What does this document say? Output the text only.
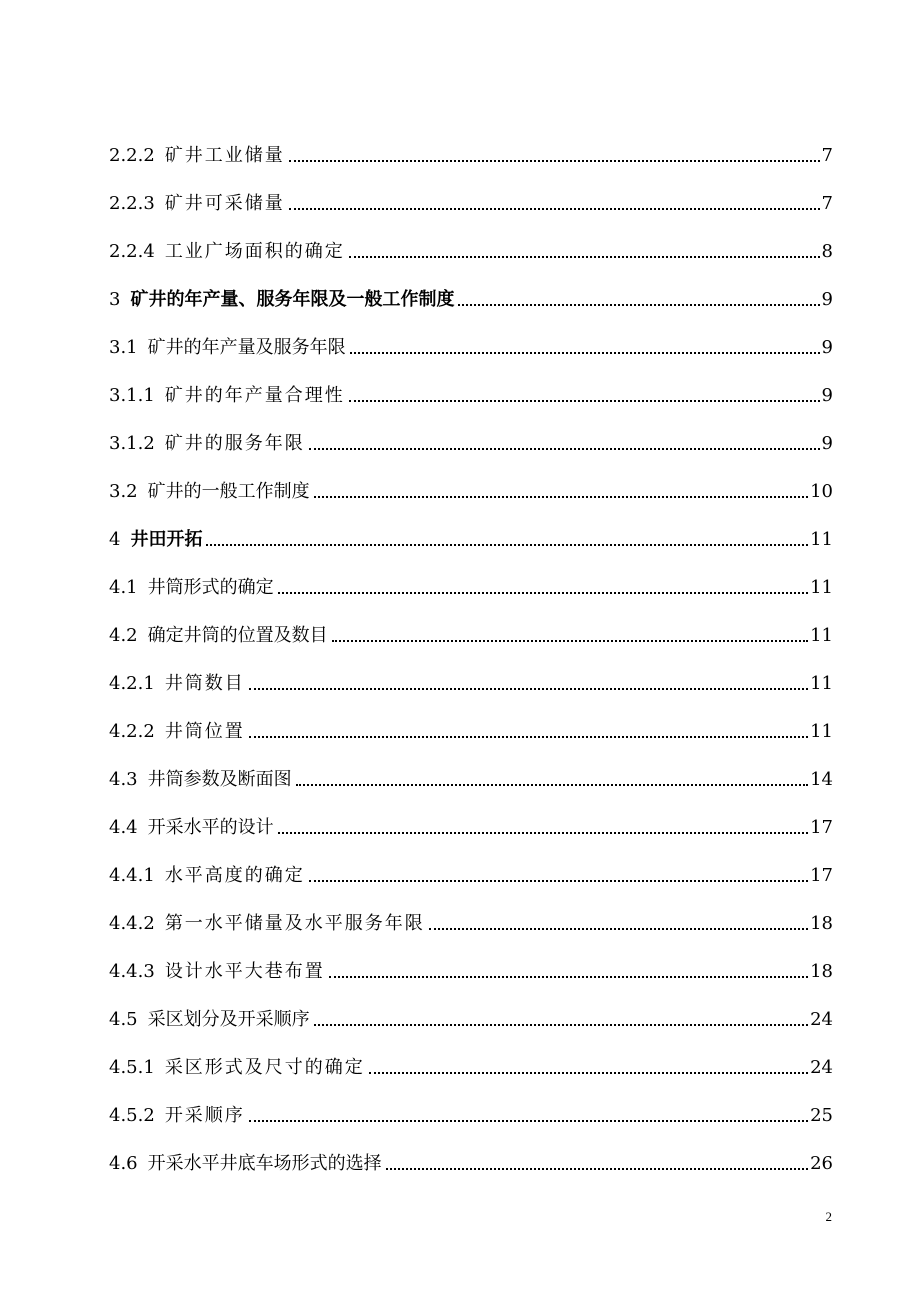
2.2.2 矿井工业储量	7
2.2.3 矿井可采储量	7
2.2.4 工业广场面积的确定	8
3 矿井的年产量、服务年限及一般工作制度	9
3.1 矿井的年产量及服务年限	9
3.1.1 矿井的年产量合理性	9
3.1.2 矿井的服务年限	9
3.2 矿井的一般工作制度	10
4 井田开拓	11
4.1 井筒形式的确定	11
4.2 确定井筒的位置及数目	11
4.2.1 井筒数目	11
4.2.2 井筒位置	11
4.3 井筒参数及断面图	14
4.4 开采水平的设计	17
4.4.1 水平高度的确定	17
4.4.2 第一水平储量及水平服务年限	18
4.4.3 设计水平大巷布置	18
4.5 采区划分及开采顺序	24
4.5.1 采区形式及尺寸的确定	24
4.5.2 开采顺序	25
4.6 开采水平井底车场形式的选择	26
2
